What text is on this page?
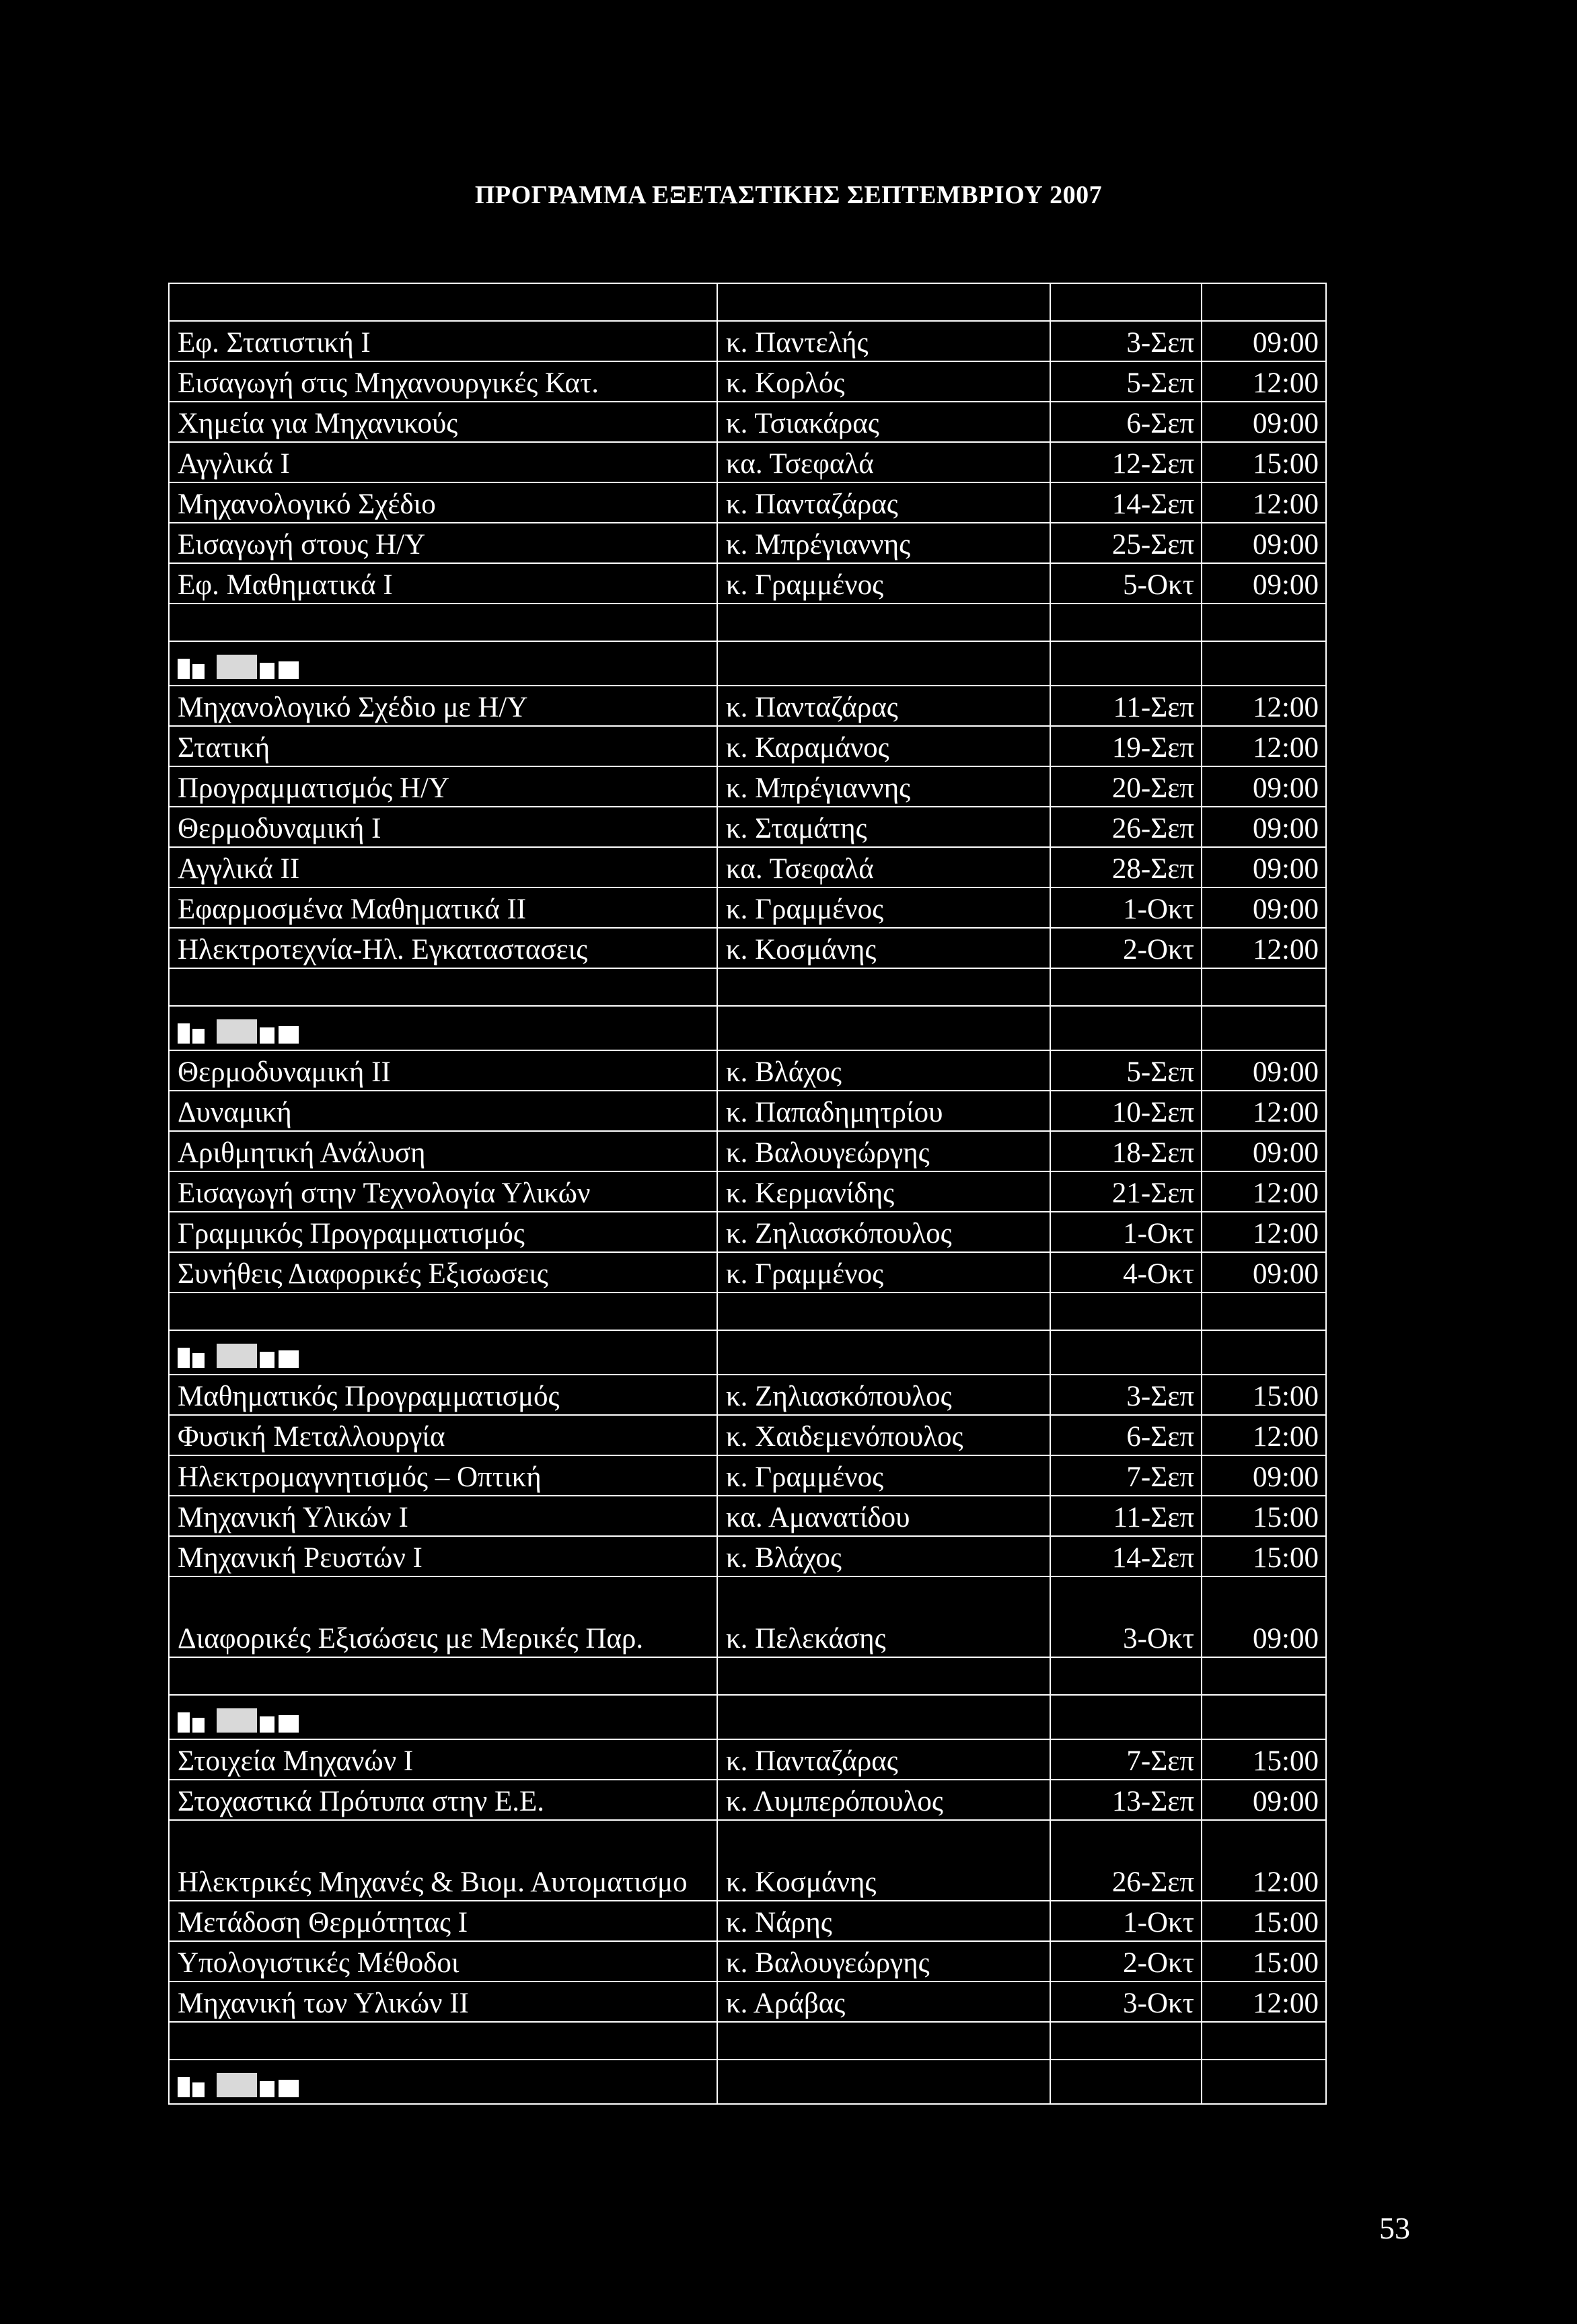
ΠΡΟΓΡΑΜΜΑ ΕΞΕΤΑΣΤΙΚΗΣ ΣΕΠΤΕΜΒΡΙΟΥ 2007

Εφ. Στατιστική Ι	κ. Παντελής	3-Σεπ	09:00
Εισαγωγή στις Μηχανουργικές Κατ.	κ. Κορλός	5-Σεπ	12:00
Χημεία για Μηχανικούς	κ. Τσιακάρας	6-Σεπ	09:00
Αγγλικά Ι	κα. Τσεφαλά	12-Σεπ	15:00
Μηχανολογικό Σχέδιο	κ. Πανταζάρας	14-Σεπ	12:00
Εισαγωγή στους Η/Υ	κ. Μπρέγιαννης	25-Σεπ	09:00
Εφ. Μαθηματικά Ι	κ. Γραμμένος	5-Οκτ	09:00

Μηχανολογικό Σχέδιο με Η/Υ	κ. Πανταζάρας	11-Σεπ	12:00
Στατική	κ. Καραμάνος	19-Σεπ	12:00
Προγραμματισμός Η/Υ	κ. Μπρέγιαννης	20-Σεπ	09:00
Θερμοδυναμική Ι	κ. Σταμάτης	26-Σεπ	09:00
Αγγλικά ΙΙ	κα. Τσεφαλά	28-Σεπ	09:00
Εφαρμοσμένα Μαθηματικά ΙΙ	κ. Γραμμένος	1-Οκτ	09:00
Ηλεκτροτεχνία-Ηλ. Εγκαταστασεις	κ. Κοσμάνης	2-Οκτ	12:00

Θερμοδυναμική ΙΙ	κ. Βλάχος	5-Σεπ	09:00
Δυναμική	κ. Παπαδημητρίου	10-Σεπ	12:00
Αριθμητική Ανάλυση	κ. Βαλουγεώργης	18-Σεπ	09:00
Εισαγωγή στην Τεχνολογία Υλικών	κ. Κερμανίδης	21-Σεπ	12:00
Γραμμικός Προγραμματισμός	κ. Ζηλιασκόπουλος	1-Οκτ	12:00
Συνήθεις Διαφορικές Εξισωσεις	κ. Γραμμένος	4-Οκτ	09:00

Μαθηματικός Προγραμματισμός	κ. Ζηλιασκόπουλος	3-Σεπ	15:00
Φυσική Μεταλλουργία	κ. Χαιδεμενόπουλος	6-Σεπ	12:00
Ηλεκτρομαγνητισμός – Οπτική	κ. Γραμμένος	7-Σεπ	09:00
Μηχανική Υλικών Ι	κα. Αμανατίδου	11-Σεπ	15:00
Μηχανική Ρευστών Ι	κ. Βλάχος	14-Σεπ	15:00
Διαφορικές Εξισώσεις με Μερικές Παρ.	κ. Πελεκάσης	3-Οκτ	09:00

Στοιχεία Μηχανών Ι	κ. Πανταζάρας	7-Σεπ	15:00
Στοχαστικά Πρότυπα στην Ε.Ε.	κ. Λυμπερόπουλος	13-Σεπ	09:00
Ηλεκτρικές Μηχανές & Βιομ. Αυτοματισμο	κ. Κοσμάνης	26-Σεπ	12:00
Μετάδοση Θερμότητας Ι	κ. Νάρης	1-Οκτ	15:00
Υπολογιστικές Μέθοδοι	κ. Βαλουγεώργης	2-Οκτ	15:00
Μηχανική των Υλικών ΙΙ	κ. Αράβας	3-Οκτ	12:00

53
